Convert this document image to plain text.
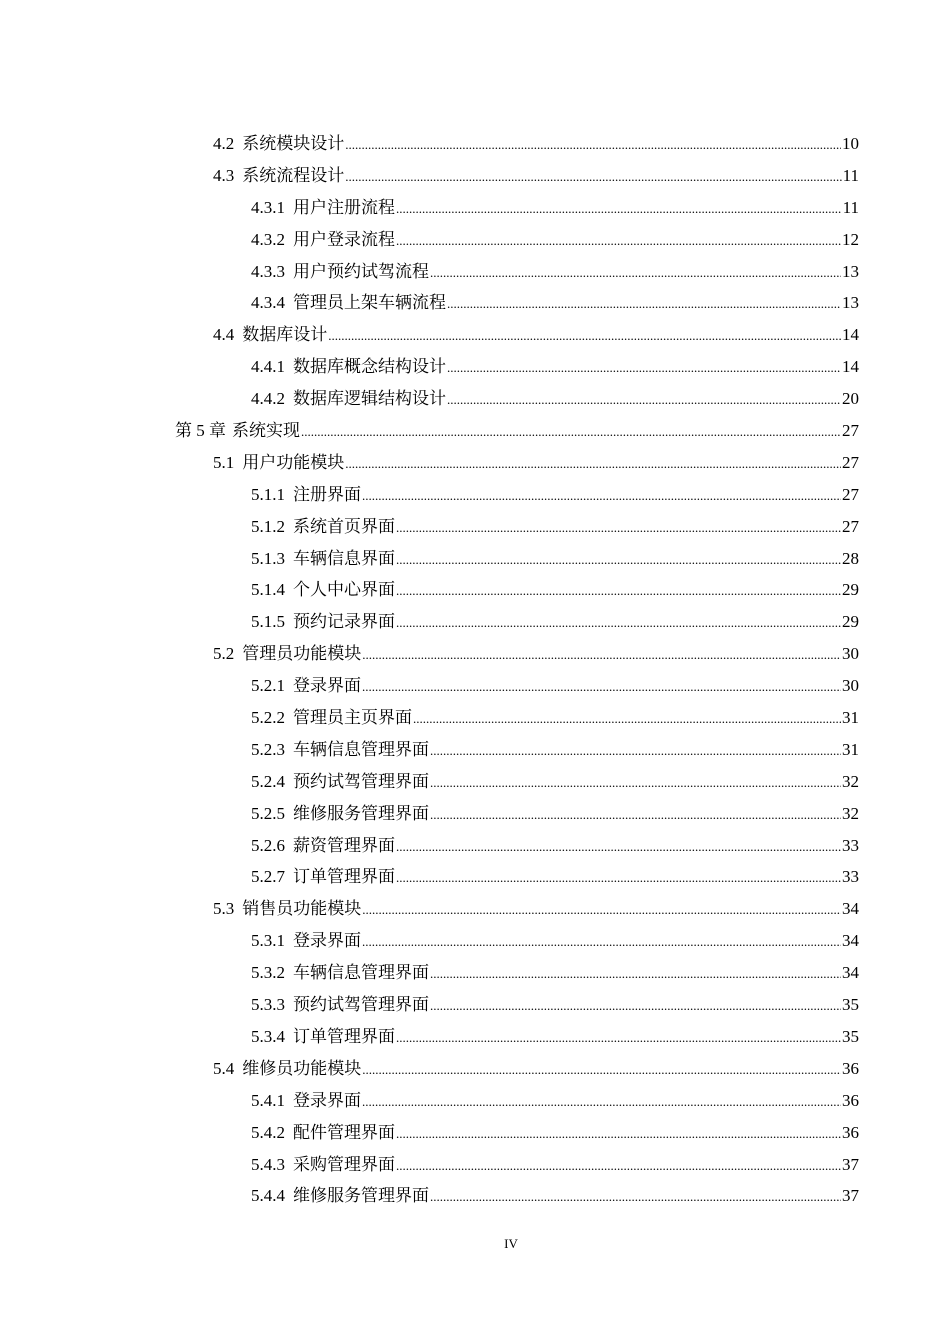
4.2 系统模块设计 .....	10
4.3 系统流程设计 .....	11
4.3.1 用户注册流程 .....	11
4.3.2 用户登录流程 .....	12
4.3.3 用户预约试驾流程 .....	13
4.3.4 管理员上架车辆流程 .....	13
4.4 数据库设计 .....	14
4.4.1 数据库概念结构设计 .....	14
4.4.2 数据库逻辑结构设计 .....	20
第 5 章 系统实现 .....	27
5.1 用户功能模块 .....	27
5.1.1 注册界面 .....	27
5.1.2 系统首页界面 .....	27
5.1.3 车辆信息界面 .....	28
5.1.4 个人中心界面 .....	29
5.1.5 预约记录界面 .....	29
5.2 管理员功能模块 .....	30
5.2.1 登录界面 .....	30
5.2.2 管理员主页界面 .....	31
5.2.3 车辆信息管理界面 .....	31
5.2.4 预约试驾管理界面 .....	32
5.2.5 维修服务管理界面 .....	32
5.2.6 薪资管理界面 .....	33
5.2.7 订单管理界面 .....	33
5.3 销售员功能模块 .....	34
5.3.1 登录界面 .....	34
5.3.2 车辆信息管理界面 .....	34
5.3.3 预约试驾管理界面 .....	35
5.3.4 订单管理界面 .....	35
5.4 维修员功能模块 .....	36
5.4.1 登录界面 .....	36
5.4.2 配件管理界面 .....	36
5.4.3 采购管理界面 .....	37
5.4.4 维修服务管理界面 .....	37
IV
